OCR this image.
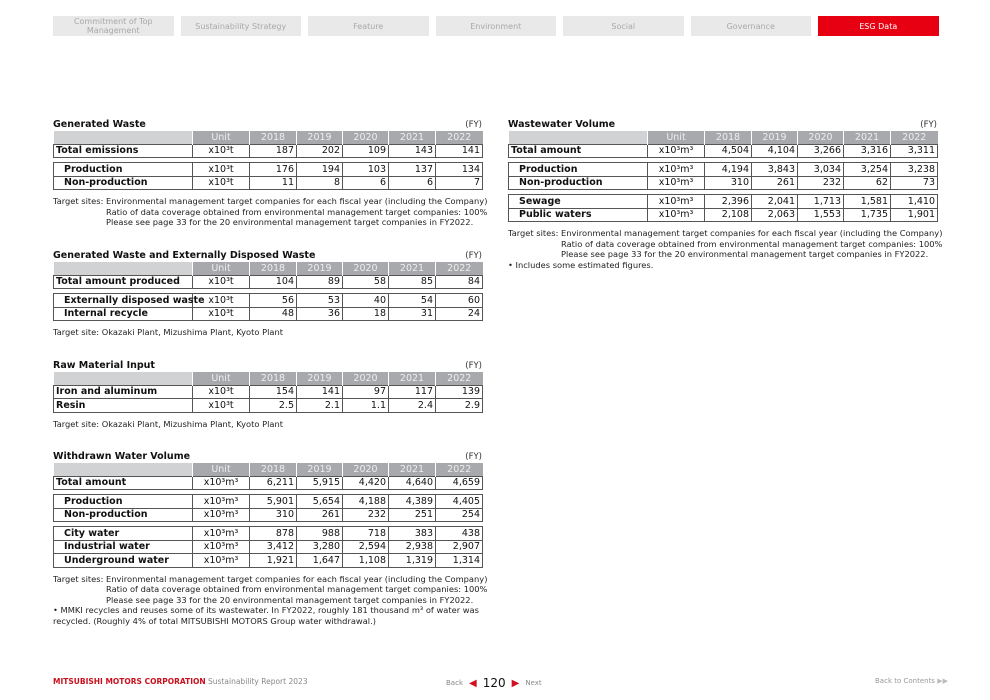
Commitment of Top Management	Sustainability Strategy	Feature	Environment	Social	Governance	ESG Data
Generated Waste	(FY)
	Unit	2018	2019	2020	2021	2022
Total emissions	x10³t	187	202	109	143	141

Production	x10³t	176	194	103	137	134
Non-production	x10³t	11	8	6	6	7
Target sites: Environmental management target companies for each fiscal year (including the Company)
Ratio of data coverage obtained from environmental management target companies: 100%
Please see page 33 for the 20 environmental management target companies in FY2022.
Generated Waste and Externally Disposed Waste	(FY)
	Unit	2018	2019	2020	2021	2022
Total amount produced	x10³t	104	89	58	85	84

Externally disposed waste	x10³t	56	53	40	54	60
Internal recycle	x10³t	48	36	18	31	24
Target site: Okazaki Plant, Mizushima Plant, Kyoto Plant
Raw Material Input	(FY)
	Unit	2018	2019	2020	2021	2022
Iron and aluminum	x10³t	154	141	97	117	139
Resin	x10³t	2.5	2.1	1.1	2.4	2.9
Target site: Okazaki Plant, Mizushima Plant, Kyoto Plant
Withdrawn Water Volume	(FY)
	Unit	2018	2019	2020	2021	2022
Total amount	x10³m³	6,211	5,915	4,420	4,640	4,659

Production	x10³m³	5,901	5,654	4,188	4,389	4,405
Non-production	x10³m³	310	261	232	251	254

City water	x10³m³	878	988	718	383	438
Industrial water	x10³m³	3,412	3,280	2,594	2,938	2,907
Underground water	x10³m³	1,921	1,647	1,108	1,319	1,314
Target sites: Environmental management target companies for each fiscal year (including the Company)
Ratio of data coverage obtained from environmental management target companies: 100%
Please see page 33 for the 20 environmental management target companies in FY2022.
• MMKI recycles and reuses some of its wastewater. In FY2022, roughly 181 thousand m³ of water was
recycled. (Roughly 4% of total MITSUBISHI MOTORS Group water withdrawal.)
Wastewater Volume	(FY)
	Unit	2018	2019	2020	2021	2022
Total amount	x10³m³	4,504	4,104	3,266	3,316	3,311

Production	x10³m³	4,194	3,843	3,034	3,254	3,238
Non-production	x10³m³	310	261	232	62	73

Sewage	x10³m³	2,396	2,041	1,713	1,581	1,410
Public waters	x10³m³	2,108	2,063	1,553	1,735	1,901
Target sites: Environmental management target companies for each fiscal year (including the Company)
Ratio of data coverage obtained from environmental management target companies: 100%
Please see page 33 for the 20 environmental management target companies in FY2022.
• Includes some estimated figures.
MITSUBISHI MOTORS CORPORATION Sustainability Report 2023	Back ◀ 120 ▶ Next	Back to Contents ▶▶
